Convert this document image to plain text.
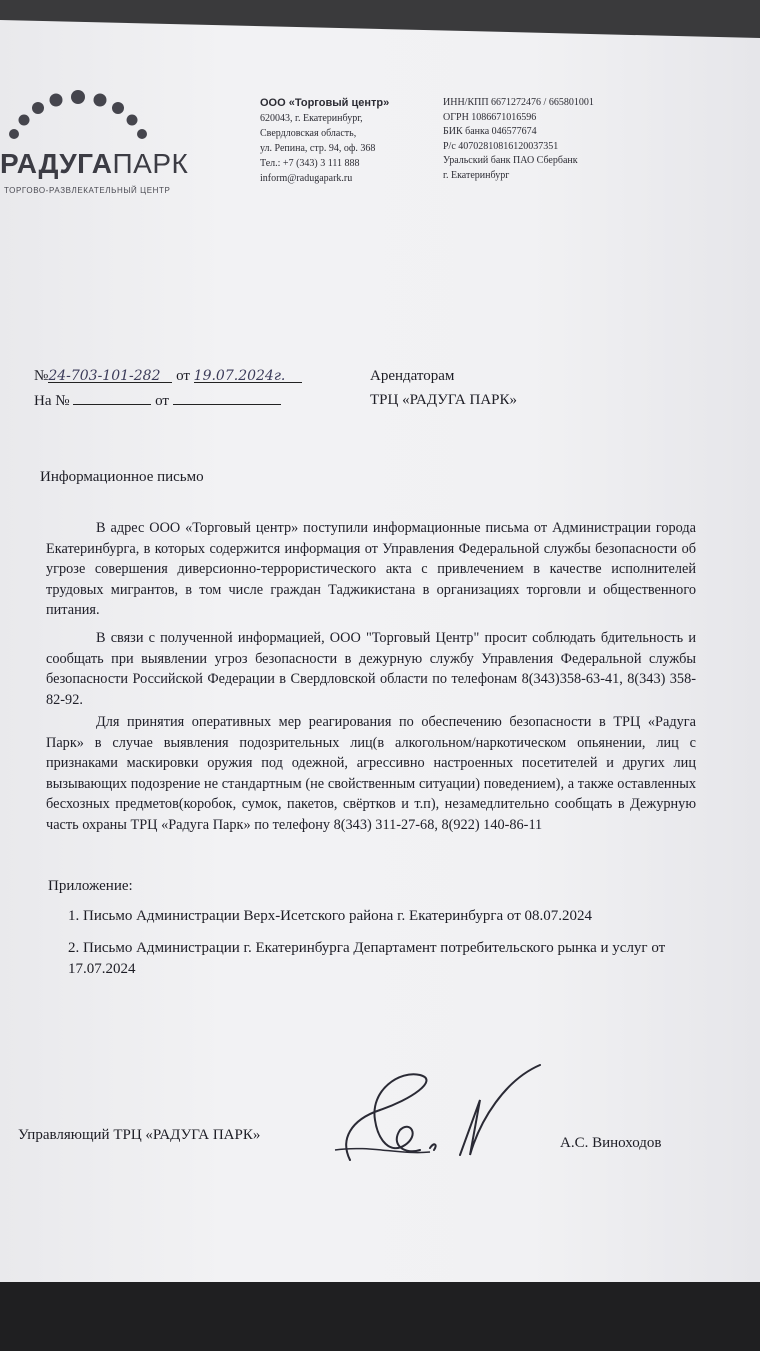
РАДУГАПАРК
ТОРГОВО-РАЗВЛЕКАТЕЛЬНЫЙ ЦЕНТР
ООО «Торговый центр»
620043, г. Екатеринбург,
Свердловская область,
ул. Репина, стр. 94, оф. 368
Тел.: +7 (343) 3 111 888
inform@radugapark.ru
ИНН/КПП 6671272476 / 665801001
ОГРН 1086671016596
БИК банка 046577674
Р/с 40702810816120037351
Уральский банк ПАО Сбербанк
г. Екатеринбург
№24-703-101-282 от 19.07.2024г.
На №	от
Арендаторам
ТРЦ «РАДУГА ПАРК»
Информационное письмо
В адрес ООО «Торговый центр» поступили информационные письма от Администрации города Екатеринбурга, в которых содержится информация от Управления Федеральной службы безопасности об угрозе совершения диверсионно-террористического акта с привлечением в качестве исполнителей трудовых мигрантов, в том числе граждан Таджикистана в организациях торговли и общественного питания.
В связи с полученной информацией, ООО "Торговый Центр" просит соблюдать бдительность и сообщать при выявлении угроз безопасности в дежурную службу Управления Федеральной службы безопасности Российской Федерации в Свердловской области по телефонам 8(343)358-63-41, 8(343) 358-82-92.
Для принятия оперативных мер реагирования по обеспечению безопасности в ТРЦ «Радуга Парк» в случае выявления подозрительных лиц(в алкогольном/наркотическом опьянении, лиц с признаками маскировки оружия под одежной, агрессивно настроенных посетителей и других лиц вызывающих подозрение не стандартным (не свойственным ситуации) поведением), а также оставленных бесхозных предметов(коробок, сумок, пакетов, свёртков и т.п), незамедлительно сообщать в Дежурную часть охраны ТРЦ «Радуга Парк» по телефону 8(343) 311-27-68, 8(922) 140-86-11
Приложение:
1. Письмо Администрации Верх-Исетского района г. Екатеринбурга от 08.07.2024
2. Письмо Администрации г. Екатеринбурга Департамент потребительского рынка и услуг от 17.07.2024
Управляющий ТРЦ «РАДУГА ПАРК»	А.С. Виноходов
